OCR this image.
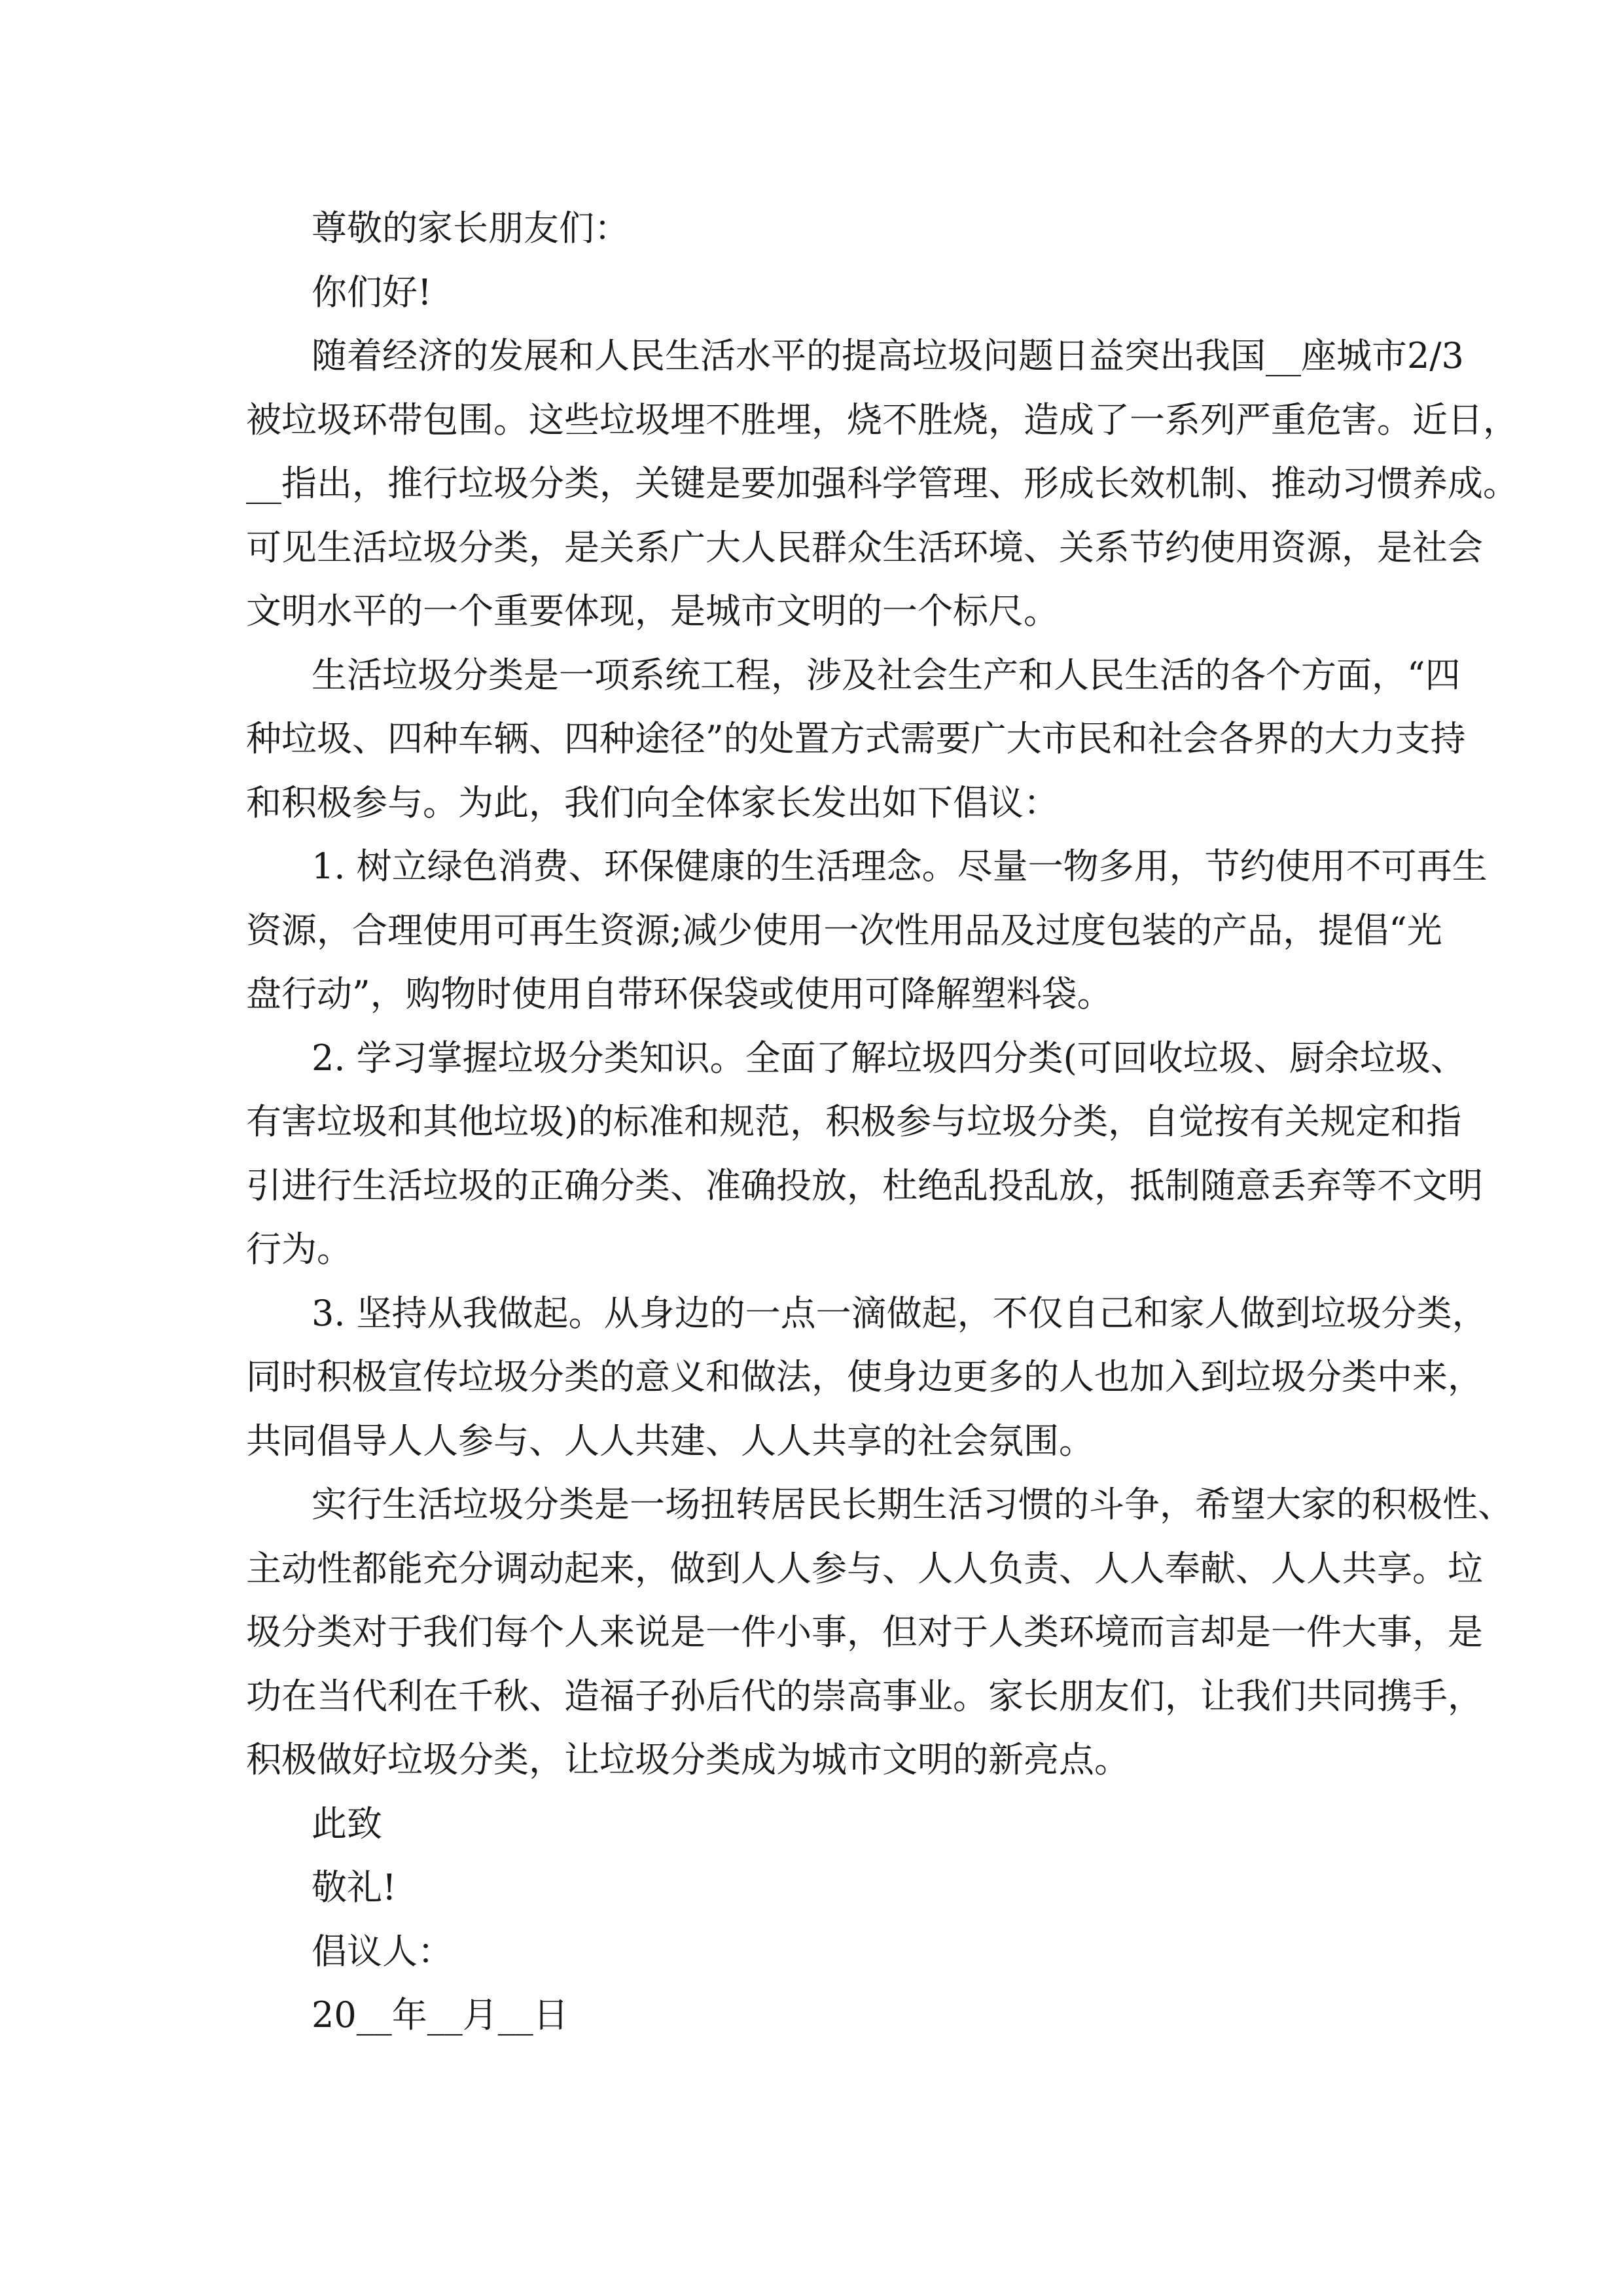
尊敬的家长朋友们：
你们好!
随着经济的发展和人民生活水平的提高垃圾问题日益突出我国__座城市2/3
被垃圾环带包围。这些垃圾埋不胜埋，烧不胜烧，造成了一系列严重危害。近日，
__指出，推行垃圾分类，关键是要加强科学管理、形成长效机制、推动习惯养成。
可见生活垃圾分类，是关系广大人民群众生活环境、关系节约使用资源，是社会
文明水平的一个重要体现，是城市文明的一个标尺。
生活垃圾分类是一项系统工程，涉及社会生产和人民生活的各个方面，“四
种垃圾、四种车辆、四种途径”的处置方式需要广大市民和社会各界的大力支持
和积极参与。为此，我们向全体家长发出如下倡议：
1. 树立绿色消费、环保健康的生活理念。尽量一物多用，节约使用不可再生
资源，合理使用可再生资源;减少使用一次性用品及过度包装的产品，提倡“光
盘行动”，购物时使用自带环保袋或使用可降解塑料袋。
2. 学习掌握垃圾分类知识。全面了解垃圾四分类(可回收垃圾、厨余垃圾、
有害垃圾和其他垃圾)的标准和规范，积极参与垃圾分类，自觉按有关规定和指
引进行生活垃圾的正确分类、准确投放，杜绝乱投乱放，抵制随意丢弃等不文明
行为。
3. 坚持从我做起。从身边的一点一滴做起，不仅自己和家人做到垃圾分类，
同时积极宣传垃圾分类的意义和做法，使身边更多的人也加入到垃圾分类中来，
共同倡导人人参与、人人共建、人人共享的社会氛围。
实行生活垃圾分类是一场扭转居民长期生活习惯的斗争，希望大家的积极性、
主动性都能充分调动起来，做到人人参与、人人负责、人人奉献、人人共享。垃
圾分类对于我们每个人来说是一件小事，但对于人类环境而言却是一件大事，是
功在当代利在千秋、造福子孙后代的崇高事业。家长朋友们，让我们共同携手，
积极做好垃圾分类，让垃圾分类成为城市文明的新亮点。
此致
敬礼!
倡议人：
20__年__月__日
